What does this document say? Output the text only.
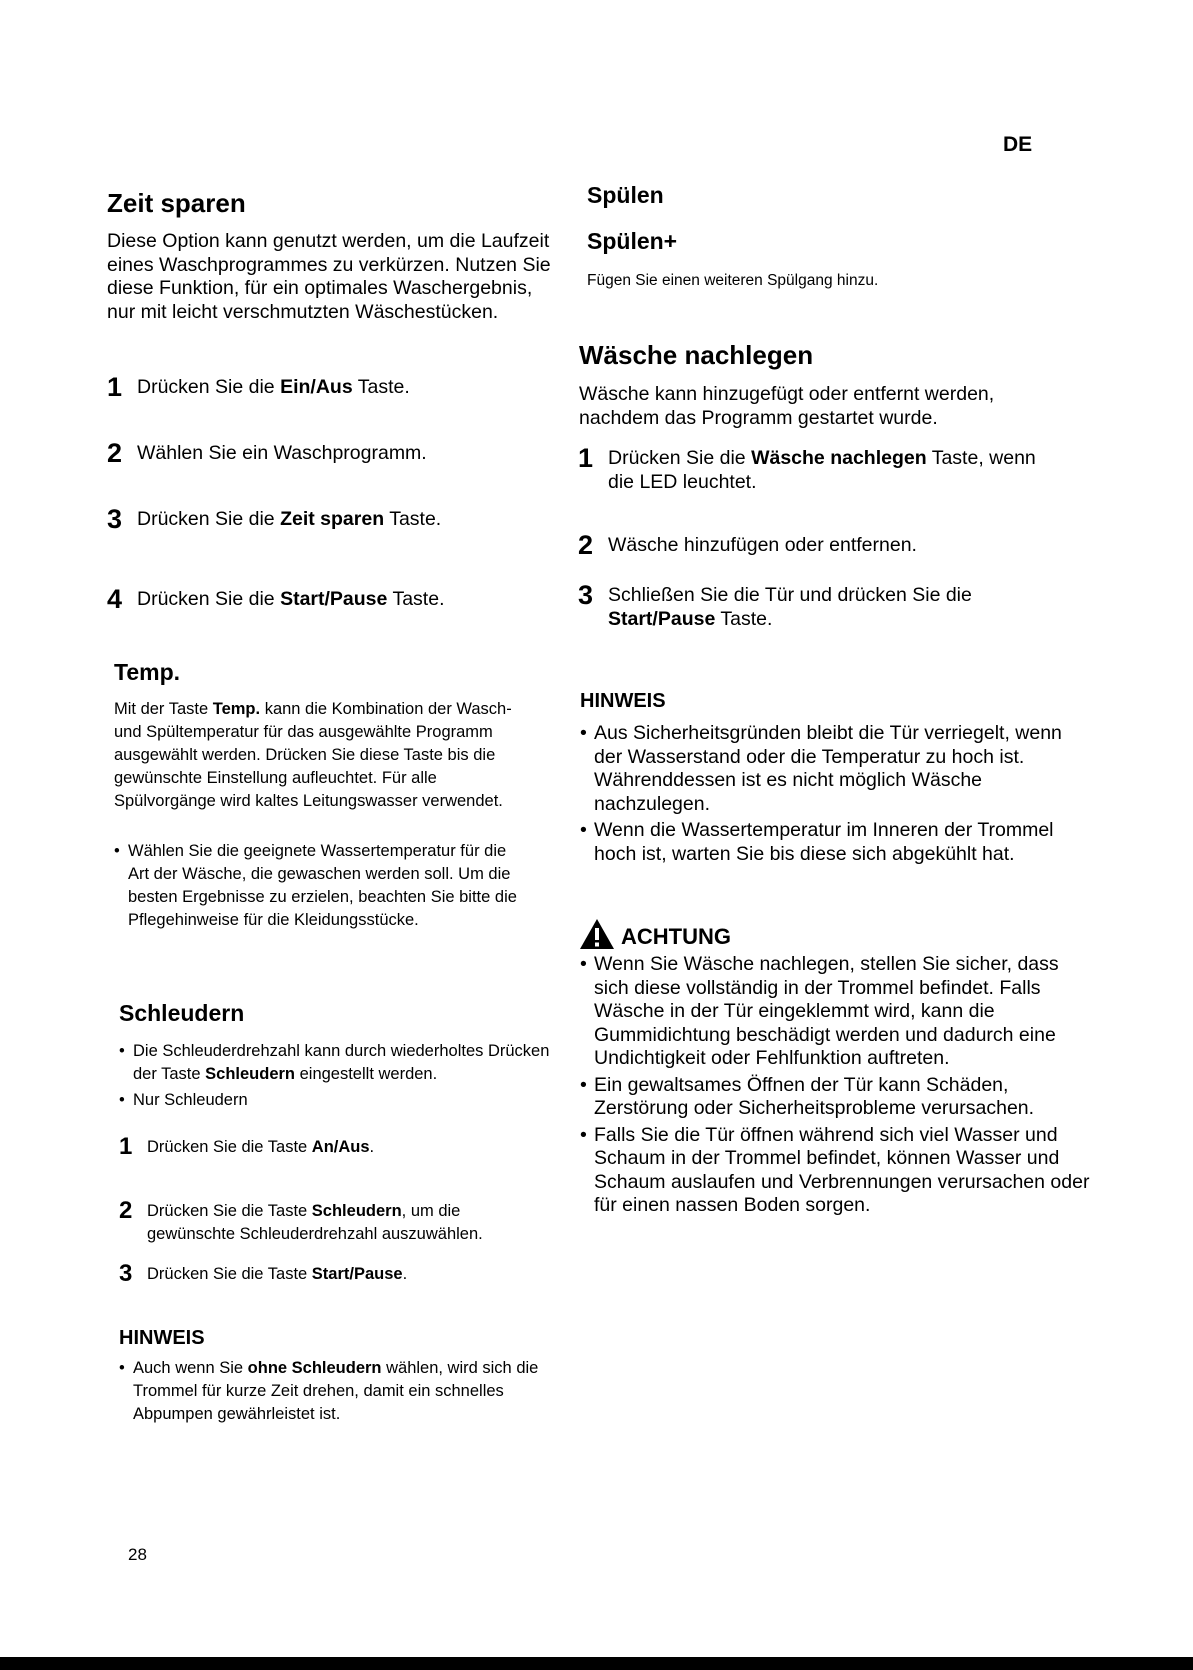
DE
Zeit sparen

Diese Option kann genutzt werden, um die Laufzeit eines Waschprogrammes zu verkürzen. Nutzen Sie diese Funktion, für ein optimales Waschergebnis, nur mit leicht verschmutzten Wäschestücken.

1 Drücken Sie die Ein/Aus Taste.
2 Wählen Sie ein Waschprogramm.
3 Drücken Sie die Zeit sparen Taste.
4 Drücken Sie die Start/Pause Taste.
Temp.

Mit der Taste Temp. kann die Kombination der Wasch- und Spültemperatur für das ausgewählte Programm ausgewählt werden. Drücken Sie diese Taste bis die gewünschte Einstellung aufleuchtet. Für alle Spülvorgänge wird kaltes Leitungswasser verwendet.

• Wählen Sie die geeignete Wassertemperatur für die Art der Wäsche, die gewaschen werden soll. Um die besten Ergebnisse zu erzielen, beachten Sie bitte die Pflegehinweise für die Kleidungsstücke.
Schleudern
• Die Schleuderdrehzahl kann durch wiederholtes Drücken der Taste Schleudern eingestellt werden.
• Nur Schleudern
1 Drücken Sie die Taste An/Aus.
2 Drücken Sie die Taste Schleudern, um die gewünschte Schleuderdrehzahl auszuwählen.
3 Drücken Sie die Taste Start/Pause.
HINWEIS
• Auch wenn Sie ohne Schleudern wählen, wird sich die Trommel für kurze Zeit drehen, damit ein schnelles Abpumpen gewährleistet ist.
Spülen
Spülen+

Fügen Sie einen weiteren Spülgang hinzu.

Wäsche nachlegen

Wäsche kann hinzugefügt oder entfernt werden, nachdem das Programm gestartet wurde.

1 Drücken Sie die Wäsche nachlegen Taste, wenn die LED leuchtet.
2 Wäsche hinzufügen oder entfernen.
3 Schließen Sie die Tür und drücken Sie die Start/Pause Taste.
HINWEIS
• Aus Sicherheitsgründen bleibt die Tür verriegelt, wenn der Wasserstand oder die Temperatur zu hoch ist. Währenddessen ist es nicht möglich Wäsche nachzulegen.
• Wenn die Wassertemperatur im Inneren der Trommel hoch ist, warten Sie bis diese sich abgekühlt hat.
ACHTUNG
• Wenn Sie Wäsche nachlegen, stellen Sie sicher, dass sich diese vollständig in der Trommel befindet. Falls Wäsche in der Tür eingeklemmt wird, kann die Gummidichtung beschädigt werden und dadurch eine Undichtigkeit oder Fehlfunktion auftreten.
• Ein gewaltsames Öffnen der Tür kann Schäden, Zerstörung oder Sicherheitsprobleme verursachen.
• Falls Sie die Tür öffnen während sich viel Wasser und Schaum in der Trommel befindet, können Wasser und Schaum auslaufen und Verbrennungen verursachen oder für einen nassen Boden sorgen.
28
